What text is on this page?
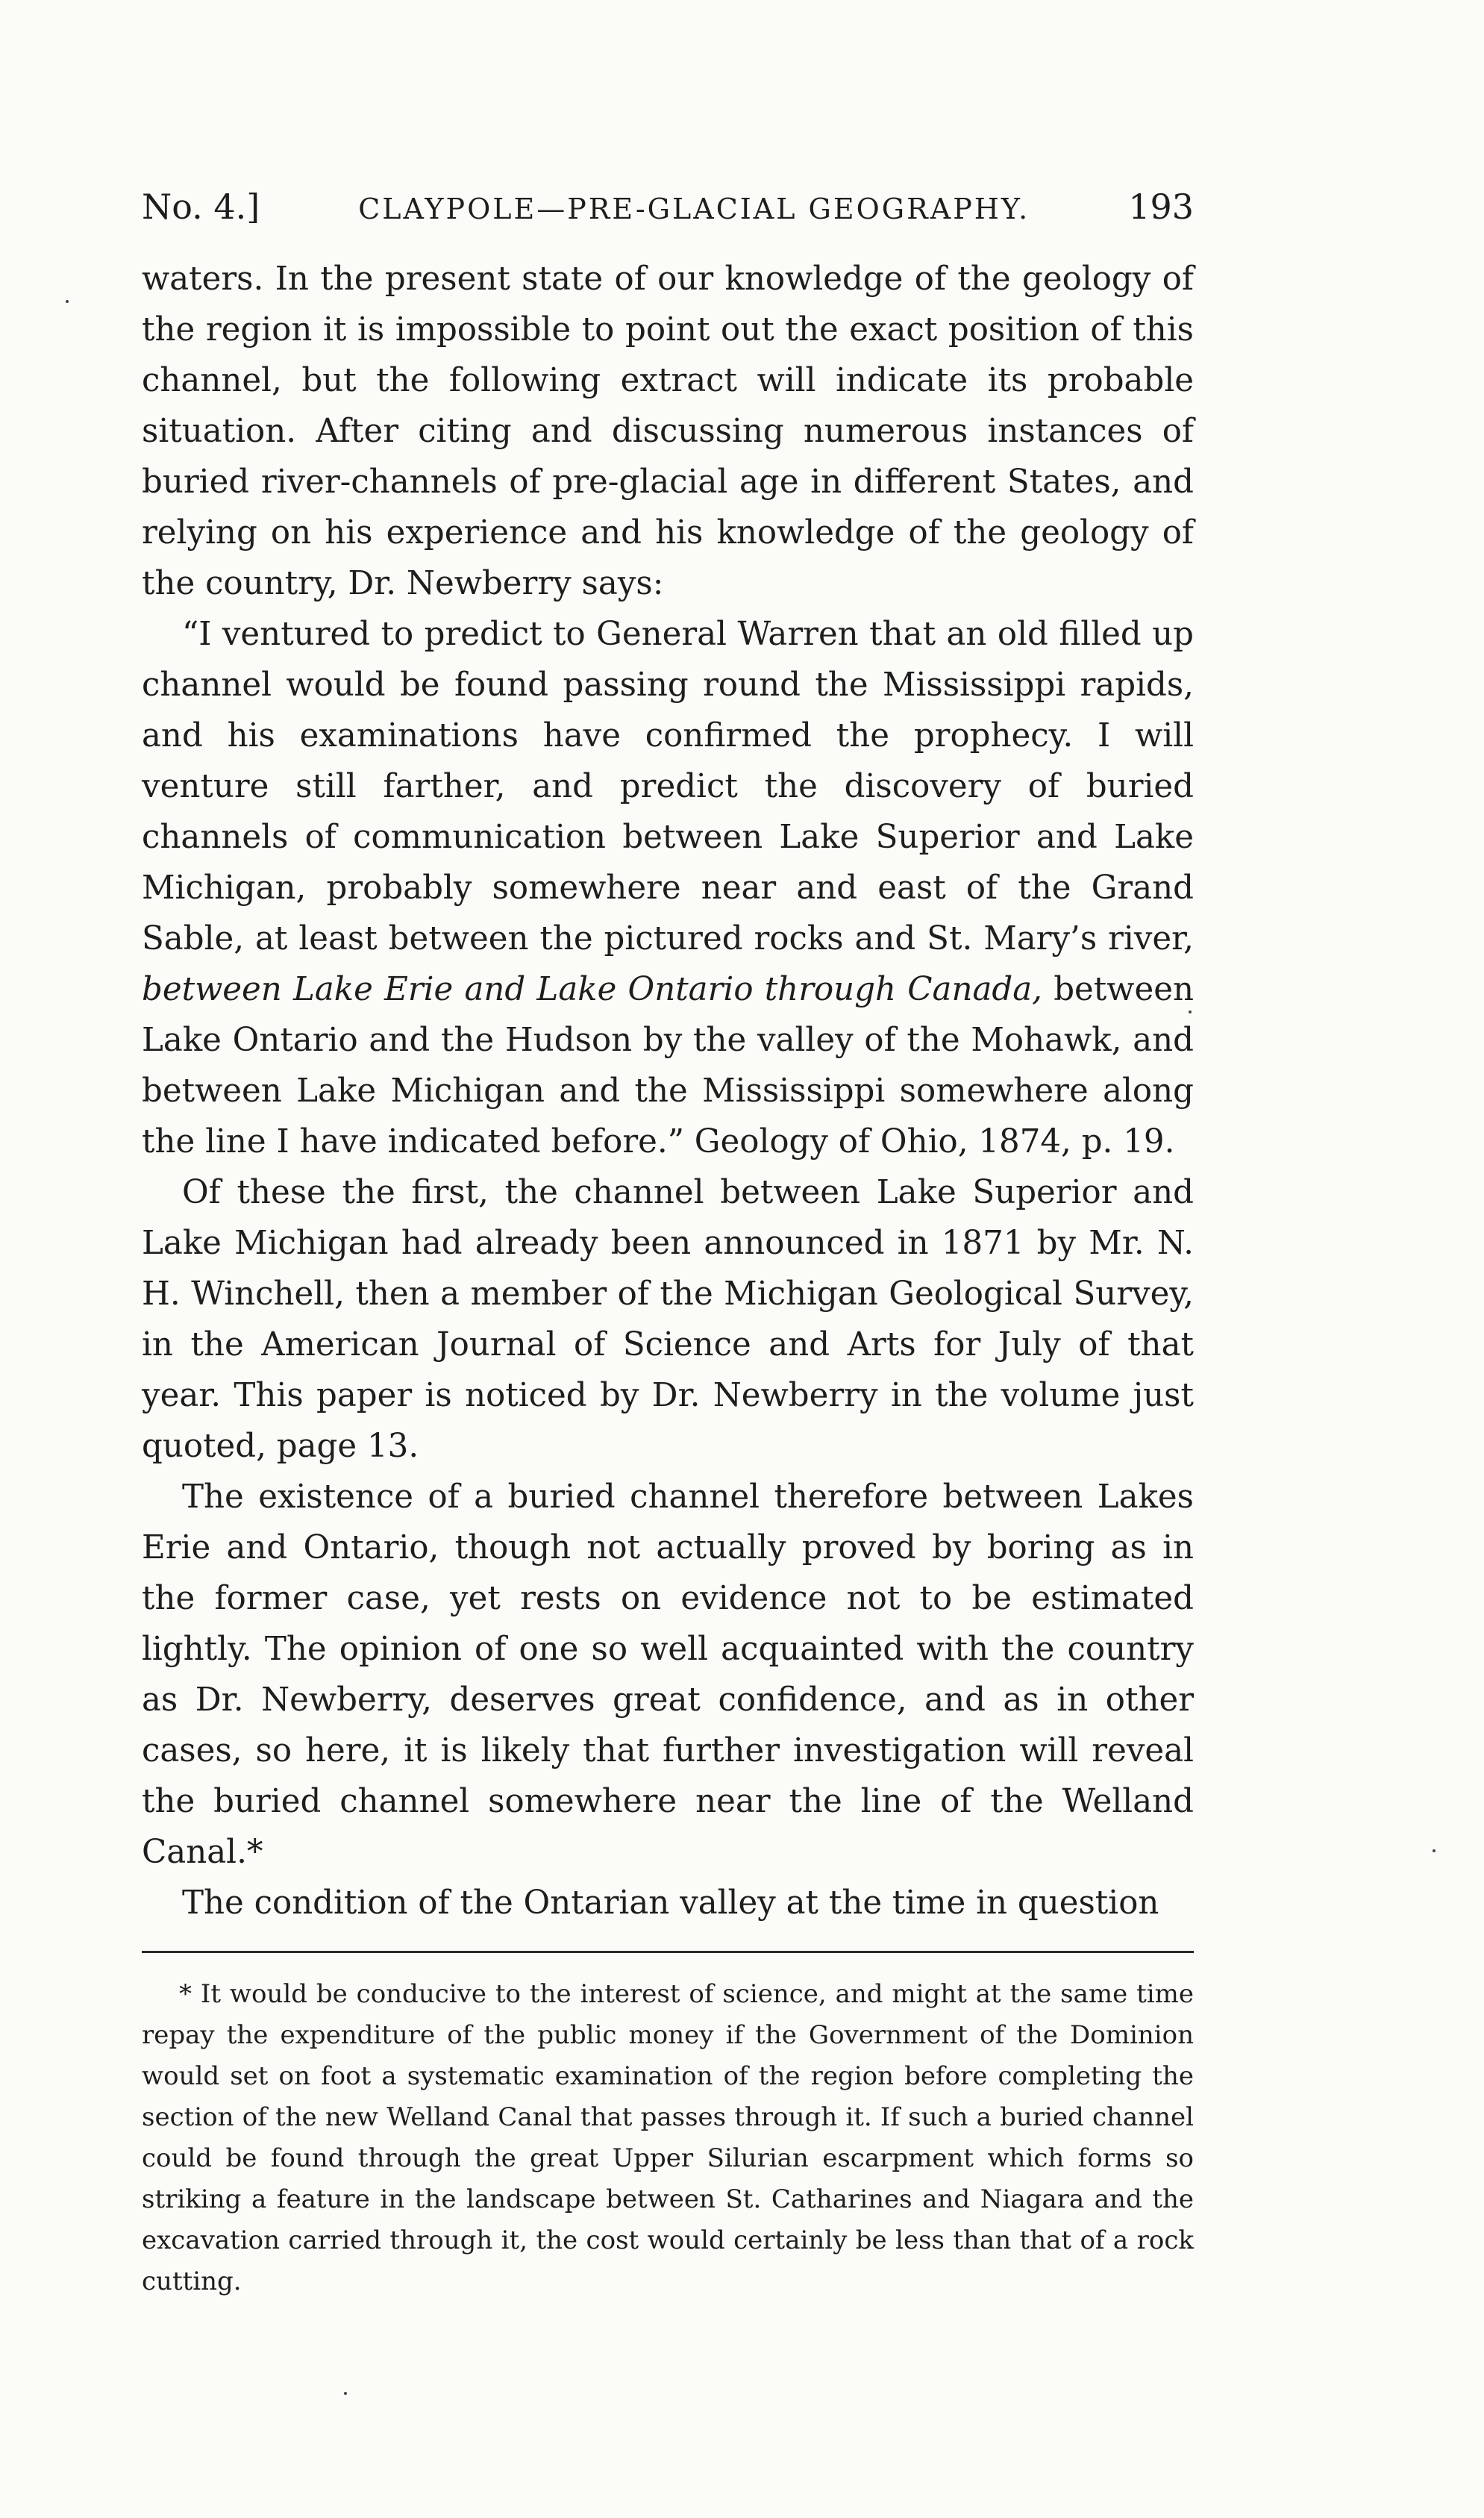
No. 4.]	CLAYPOLE—PRE-GLACIAL GEOGRAPHY.	193

waters. In the present state of our knowledge of the geology of the region it is impossible to point out the exact position of this channel, but the following extract will indicate its probable situation. After citing and discussing numerous instances of buried river-channels of pre-glacial age in different States, and relying on his experience and his knowledge of the geology of the country, Dr. Newberry says:

“I ventured to predict to General Warren that an old filled up channel would be found passing round the Mississippi rapids, and his examinations have confirmed the prophecy. I will venture still farther, and predict the discovery of buried channels of communication between Lake Superior and Lake Michigan, probably somewhere near and east of the Grand Sable, at least between the pictured rocks and St. Mary’s river, between Lake Erie and Lake Ontario through Canada, between Lake Ontario and the Hudson by the valley of the Mohawk, and between Lake Michigan and the Mississippi somewhere along the line I have indicated before.” Geology of Ohio, 1874, p. 19.

Of these the first, the channel between Lake Superior and Lake Michigan had already been announced in 1871 by Mr. N. H. Winchell, then a member of the Michigan Geological Survey, in the American Journal of Science and Arts for July of that year. This paper is noticed by Dr. Newberry in the volume just quoted, page 13.

The existence of a buried channel therefore between Lakes Erie and Ontario, though not actually proved by boring as in the former case, yet rests on evidence not to be estimated lightly. The opinion of one so well acquainted with the country as Dr. Newberry, deserves great confidence, and as in other cases, so here, it is likely that further investigation will reveal the buried channel somewhere near the line of the Welland Canal.*

The condition of the Ontarian valley at the time in question

* It would be conducive to the interest of science, and might at the same time repay the expenditure of the public money if the Government of the Dominion would set on foot a systematic examination of the region before completing the section of the new Welland Canal that passes through it. If such a buried channel could be found through the great Upper Silurian escarpment which forms so striking a feature in the landscape between St. Catharines and Niagara and the excavation carried through it, the cost would certainly be less than that of a rock cutting.
